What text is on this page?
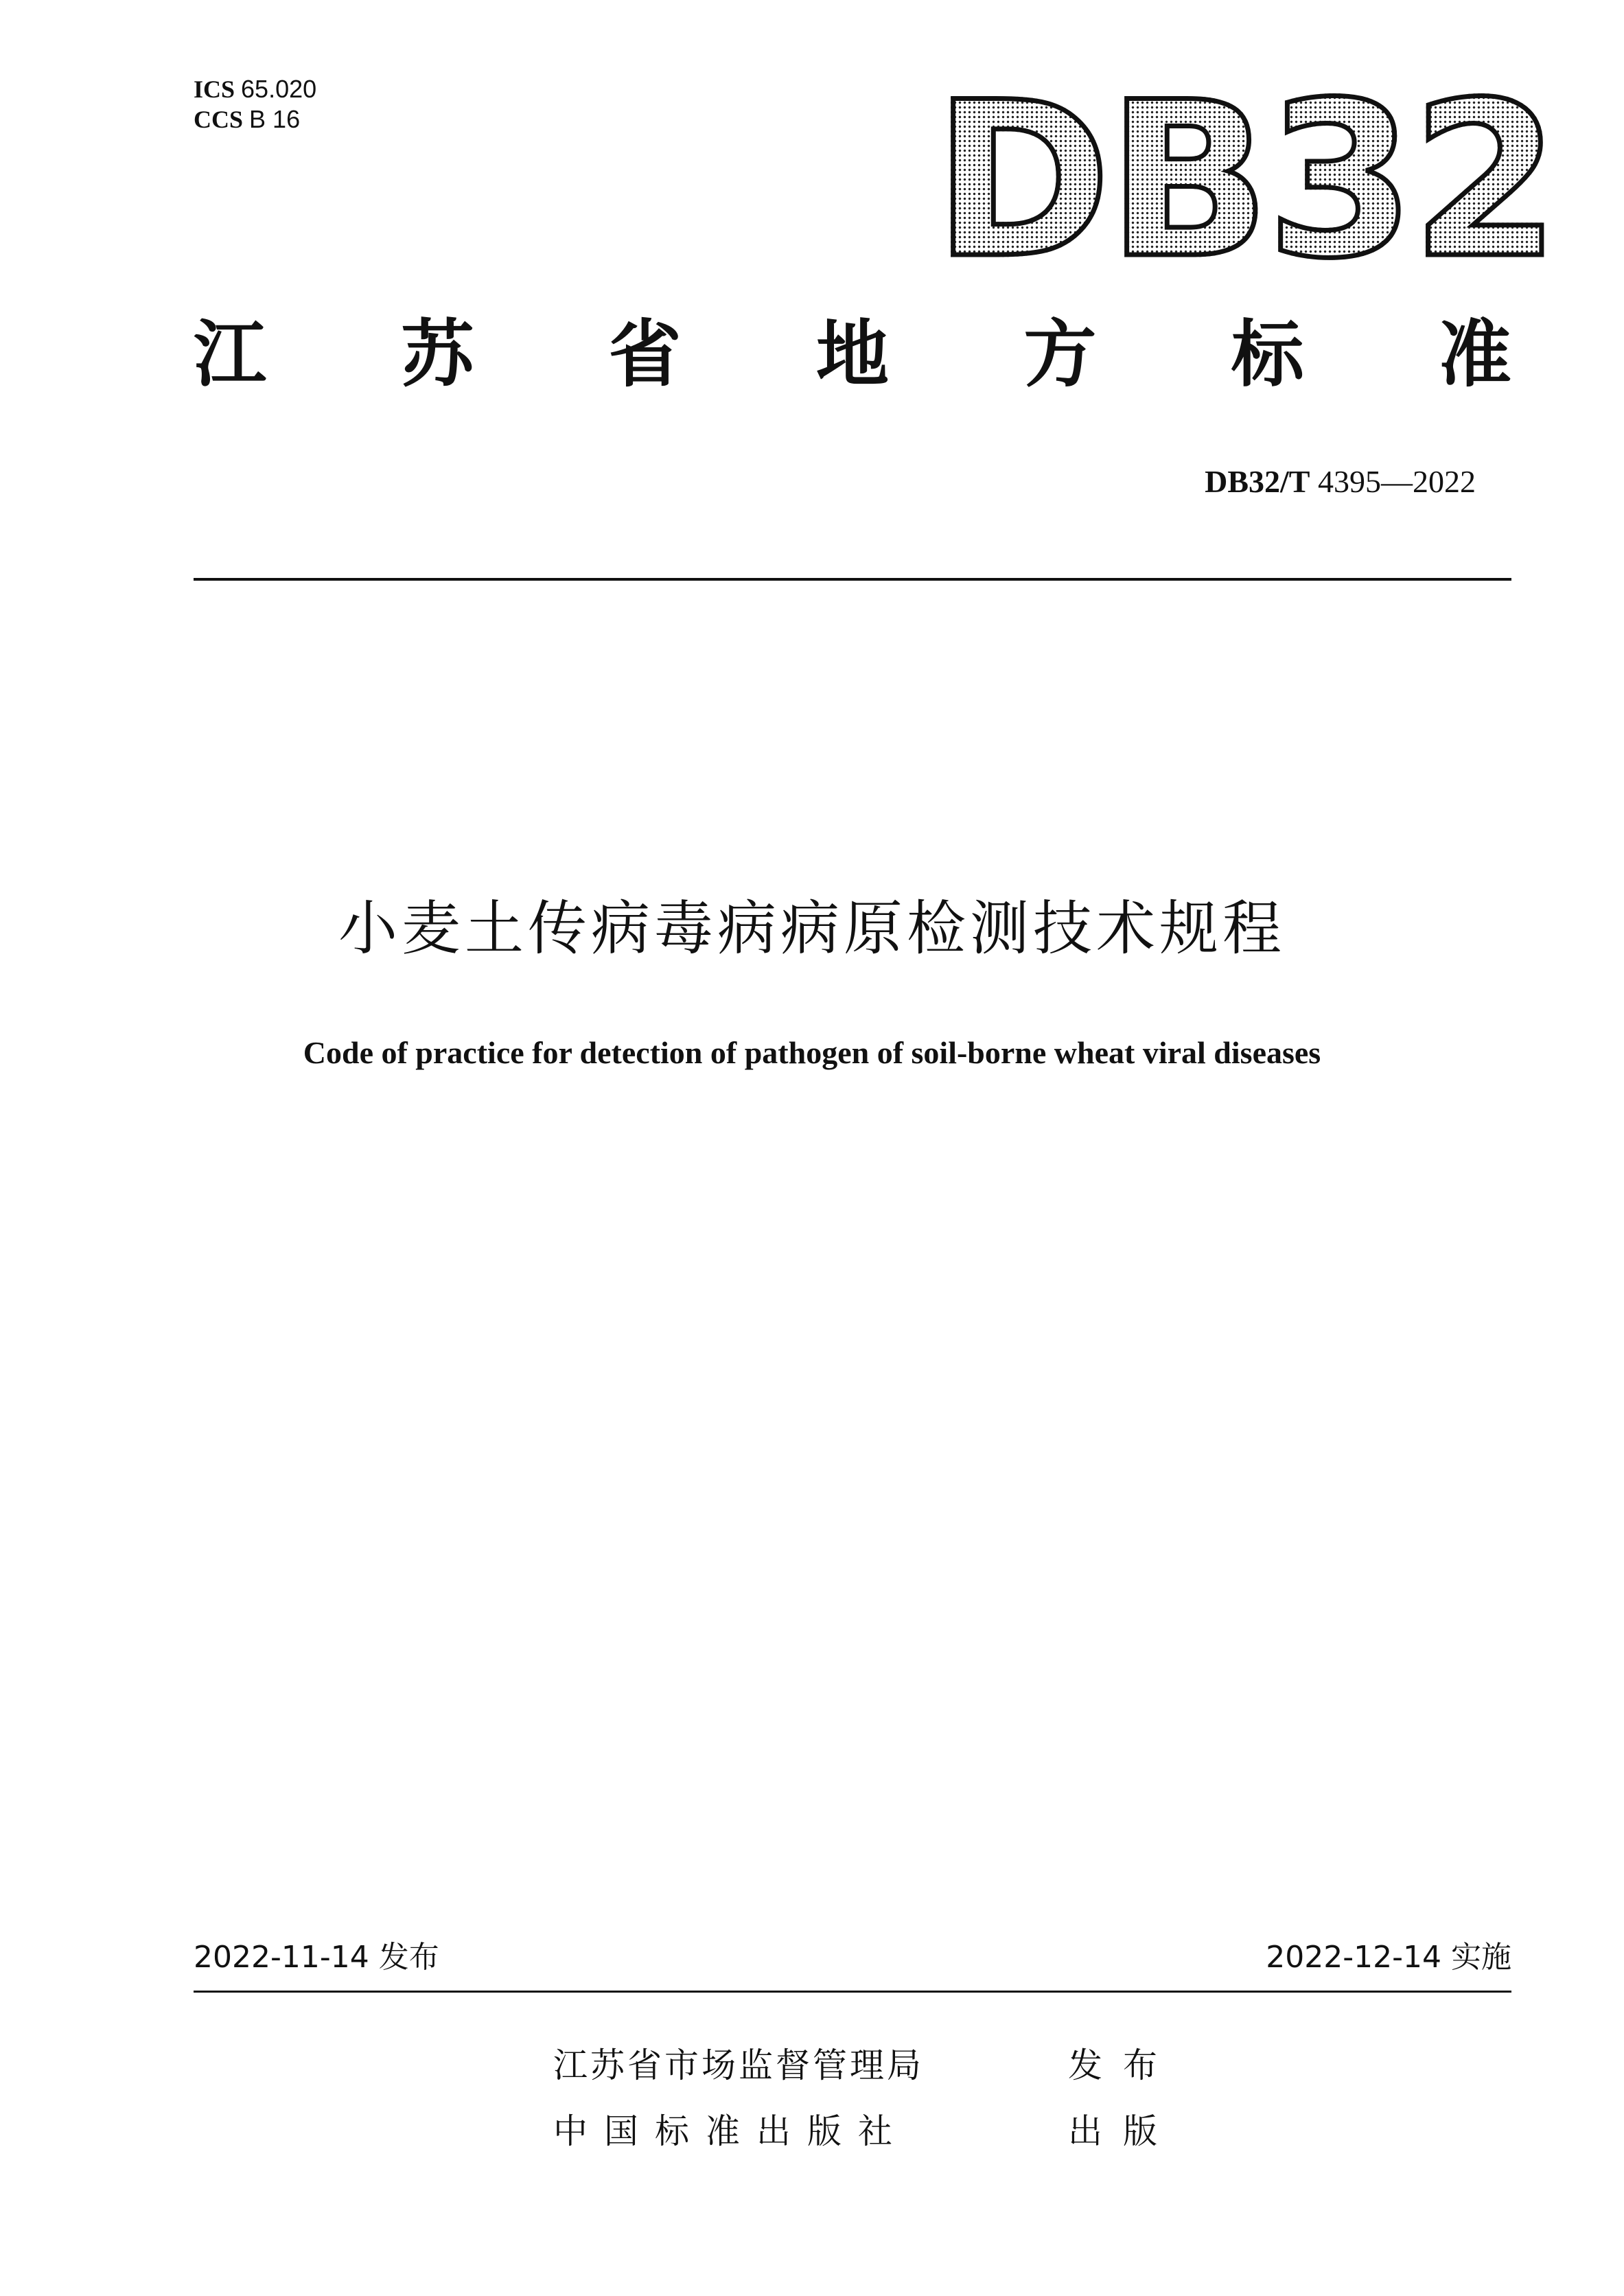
ICS 65.020
CCS B 16	DB32
江 苏 省 地 方 标 准
DB32/T 4395—2022
小麦土传病毒病病原检测技术规程
Code of practice for detection of pathogen of soil-borne wheat viral diseases
2022-11-14 发布	2022-12-14 实施
江苏省市场监督管理局	发布
中国标准出版社	出版
